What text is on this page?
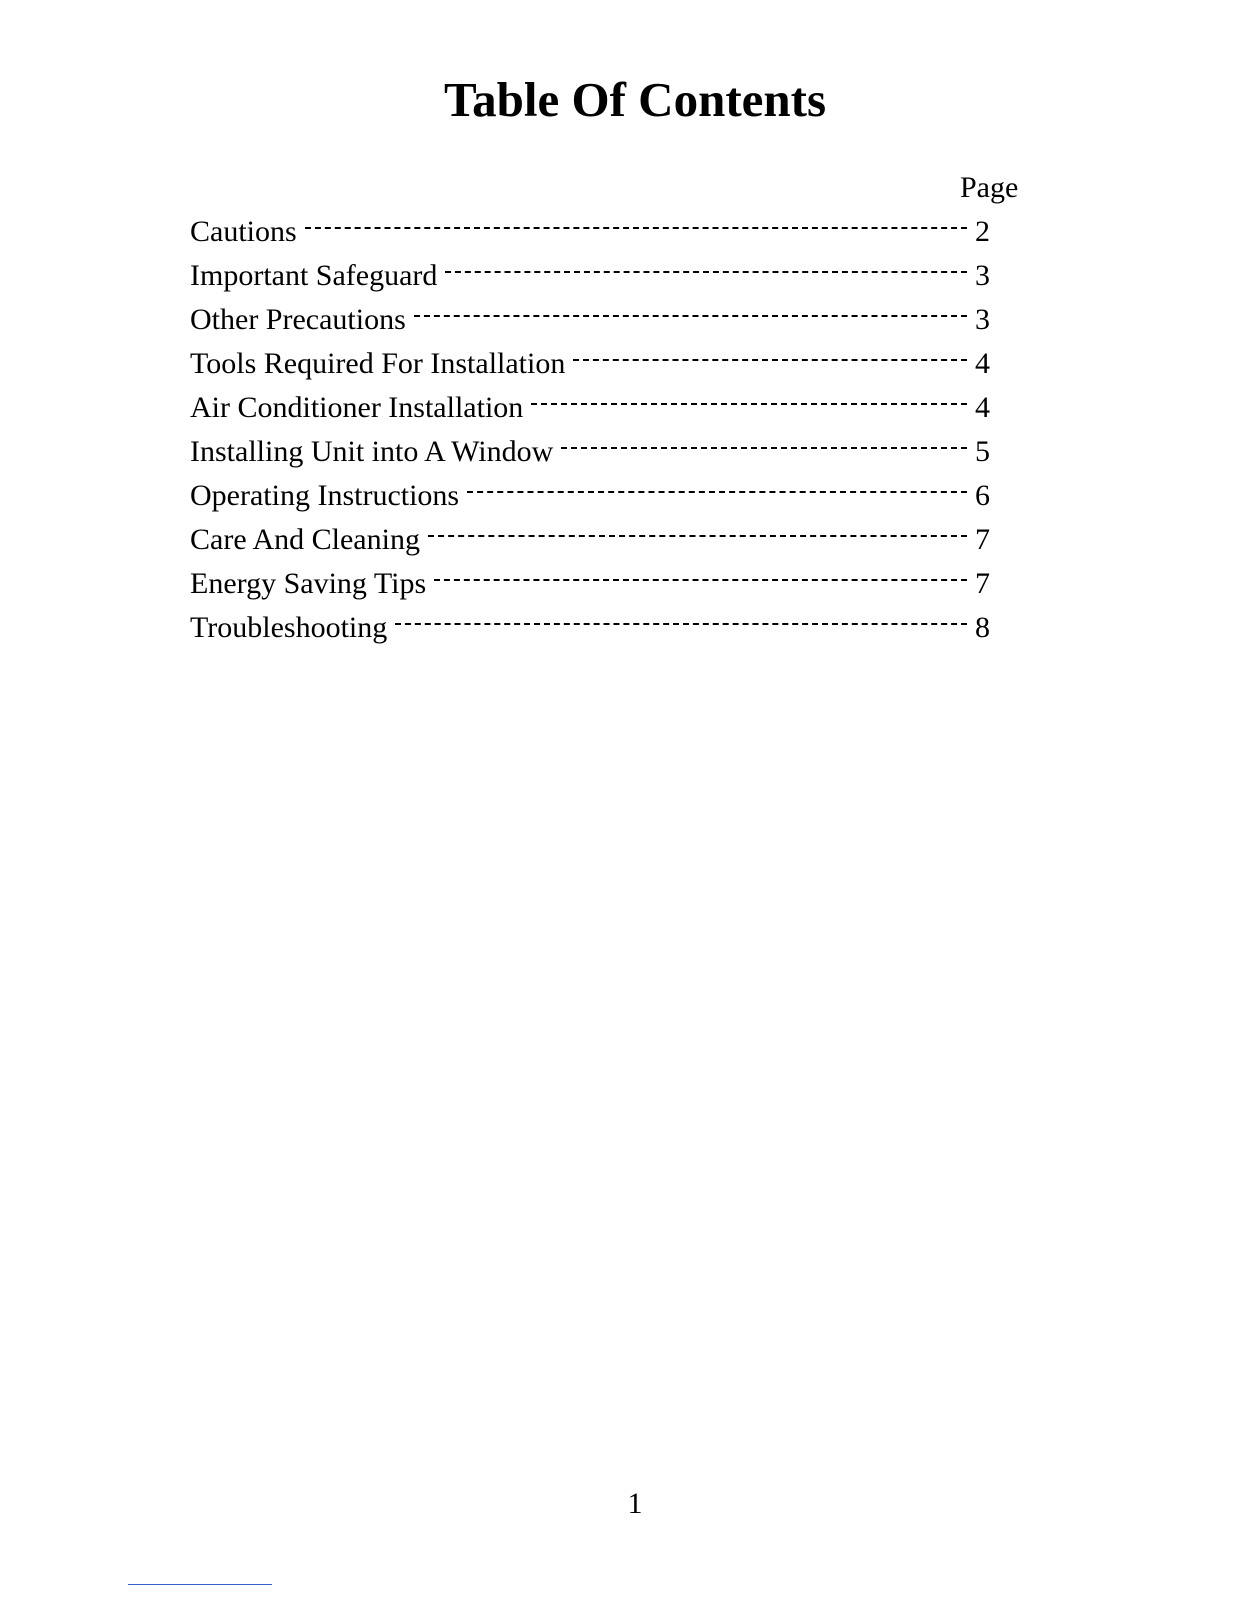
Table Of Contents
Page
Cautions	2
Important Safeguard	3
Other Precautions	3
Tools Required For Installation	4
Air Conditioner Installation	4
Installing Unit into A Window	5
Operating Instructions	6
Care And Cleaning	7
Energy Saving Tips	7
Troubleshooting	8
1
